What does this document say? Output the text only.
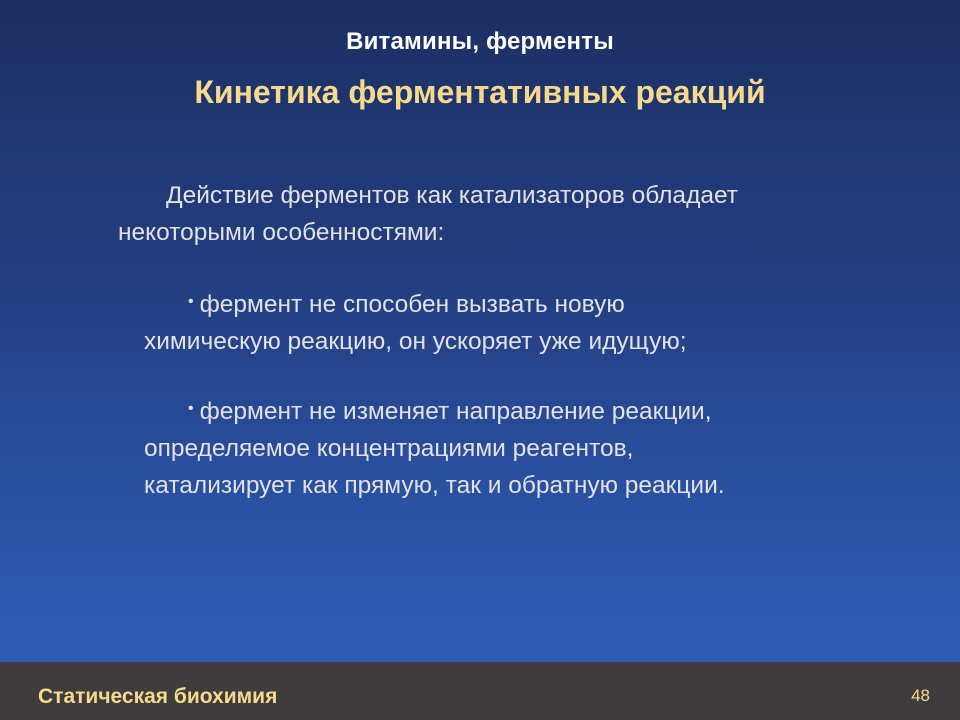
Витамины, ферменты
Кинетика ферментативных реакций
Действие ферментов как катализаторов обладает
некоторыми особенностями:
• фермент не способен вызвать новую
химическую реакцию, он ускоряет уже идущую;
• фермент не изменяет направление реакции,
определяемое концентрациями реагентов,
катализирует как прямую, так и обратную реакции.
Статическая биохимия	48
